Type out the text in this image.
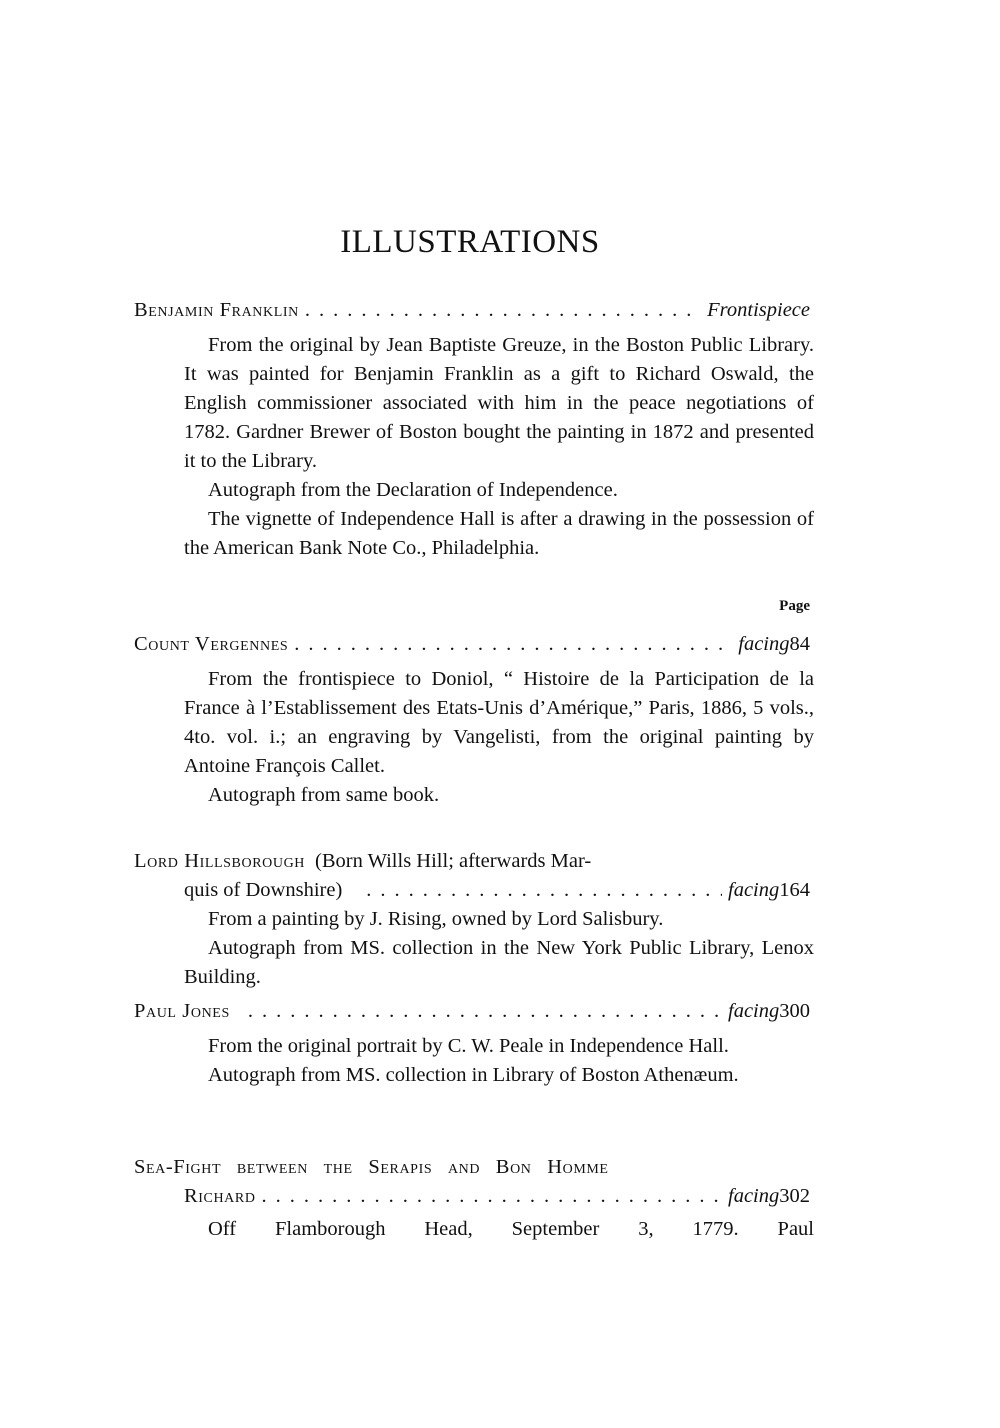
ILLUSTRATIONS
Benjamin Franklin .....	Frontispiece

From the original by Jean Baptiste Greuze, in the Boston Public Library. It was painted for Benjamin Franklin as a gift to Richard Oswald, the English commissioner associated with him in the peace negotiations of 1782. Gardner Brewer of Boston bought the painting in 1872 and presented it to the Library.

Autograph from the Declaration of Independence.

The vignette of Independence Hall is after a drawing in the possession of the American Bank Note Co., Philadelphia.

Page
Count Vergennes .....	facing 84

From the frontispiece to Doniol, “ Histoire de la Participation de la France à l’Establissement des Etats-Unis d’Amérique,” Paris, 1886, 5 vols., 4to. vol. i.; an engraving by Vangelisti, from the original painting by Antoine François Callet.

Autograph from same book.

Lord Hillsborough (Born Wills Hill; afterwards Mar-
quis of Downshire) .....	facing 164

From a painting by J. Rising, owned by Lord Salisbury.

Autograph from MS. collection in the New York Public Library, Lenox Building.

Paul Jones .....	facing 300

From the original portrait by C. W. Peale in Independence Hall.

Autograph from MS. collection in Library of Boston Athenæum.

Sea-Fight between the Serapis and Bon Homme
Richard .....	facing 302

Off Flamborough Head, September 3, 1779. Paul
